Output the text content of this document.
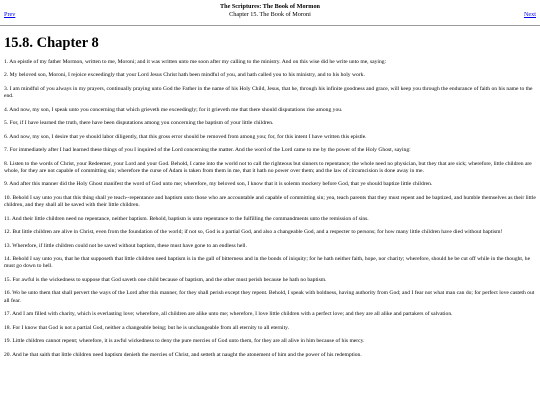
The Scriptures: The Book of Mormon
Chapter 15. The Book of Moroni
Prev	Next
15.8. Chapter 8

1. An epistle of my father Mormon, written to me, Moroni; and it was written unto me soon after my calling to the ministry. And on this wise did he write unto me, saying:

2. My beloved son, Moroni, I rejoice exceedingly that your Lord Jesus Christ hath been mindful of you, and hath called you to his ministry, and to his holy work.

3. I am mindful of you always in my prayers, continually praying unto God the Father in the name of his Holy Child, Jesus, that he, through his infinite goodness and grace, will keep you through the endurance of faith on his name to the end.

4. And now, my son, I speak unto you concerning that which grieveth me exceedingly; for it grieveth me that there should disputations rise among you.

5. For, if I have learned the truth, there have been disputations among you concerning the baptism of your little children.

6. And now, my son, I desire that ye should labor diligently, that this gross error should be removed from among you; for, for this intent I have written this epistle.

7. For immediately after I had learned these things of you I inquired of the Lord concerning the matter. And the word of the Lord came to me by the power of the Holy Ghost, saying:

8. Listen to the words of Christ, your Redeemer, your Lord and your God. Behold, I came into the world not to call the righteous but sinners to repentance; the whole need no physician, but they that are sick; wherefore, little children are whole, for they are not capable of committing sin; wherefore the curse of Adam is taken from them in me, that it hath no power over them; and the law of circumcision is done away in me.

9. And after this manner did the Holy Ghost manifest the word of God unto me; wherefore, my beloved son, I know that it is solemn mockery before God, that ye should baptize little children.

10. Behold I say unto you that this thing shall ye teach--repentance and baptism unto those who are accountable and capable of committing sin; yea, teach parents that they must repent and be baptized, and humble themselves as their little children, and they shall all be saved with their little children.

11. And their little children need no repentance, neither baptism. Behold, baptism is unto repentance to the fulfilling the commandments unto the remission of sins.

12. But little children are alive in Christ, even from the foundation of the world; if not so, God is a partial God, and also a changeable God, and a respecter to persons; for how many little children have died without baptism!

13. Wherefore, if little children could not be saved without baptism, these must have gone to an endless hell.

14. Behold I say unto you, that he that supposeth that little children need baptism is in the gall of bitterness and in the bonds of iniquity; for he hath neither faith, hope, nor charity; wherefore, should he be cut off while in the thought, he must go down to hell.

15. For awful is the wickedness to suppose that God saveth one child because of baptism, and the other must perish because he hath no baptism.

16. Wo be unto them that shall pervert the ways of the Lord after this manner, for they shall perish except they repent. Behold, I speak with boldness, having authority from God; and I fear not what man can do; for perfect love casteth out all fear.

17. And I am filled with charity, which is everlasting love; wherefore, all children are alike unto me; wherefore, I love little children with a perfect love; and they are all alike and partakers of salvation.

18. For I know that God is not a partial God, neither a changeable being; but he is unchangeable from all eternity to all eternity.

19. Little children cannot repent; wherefore, it is awful wickedness to deny the pure mercies of God unto them, for they are all alive in him because of his mercy.

20. And he that saith that little children need baptism denieth the mercies of Christ, and setteth at naught the atonement of him and the power of his redemption.
